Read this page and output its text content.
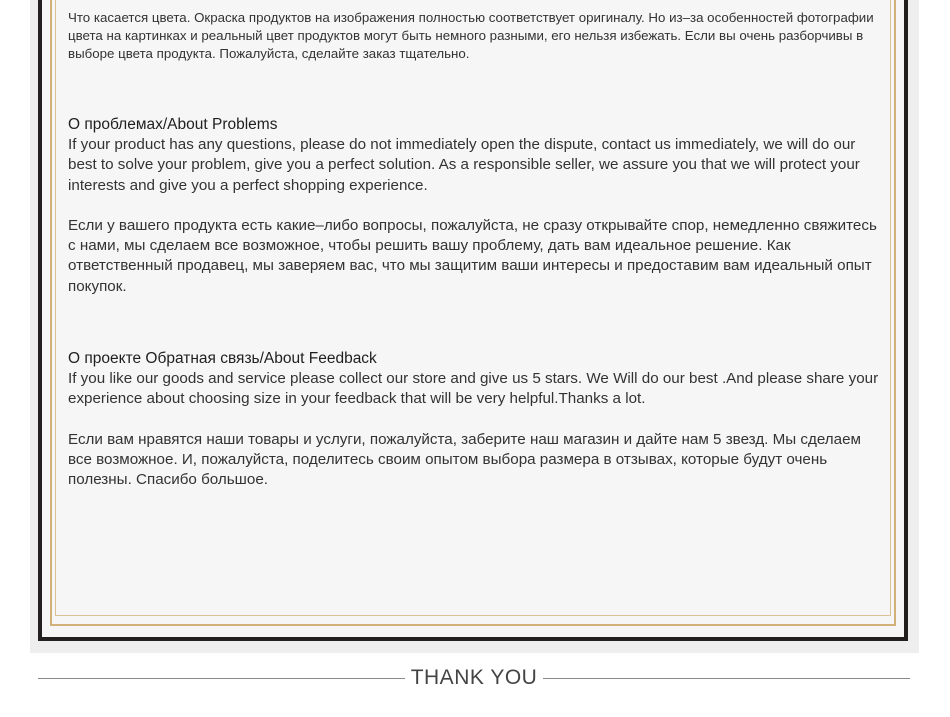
Что касается цвета. Окраска продуктов на изображения полностью соответствует оригиналу. Но из–за особенностей фотографии цвета на картинках и реальный цвет продуктов могут быть немного разными, его нельзя избежать. Если вы очень разборчивы в выборе цвета продукта. Пожалуйста, сделайте заказ тщательно.

О проблемах/About Problems

If your product has any questions, please do not immediately open the dispute, contact us immediately, we will do our best to solve your problem, give you a perfect solution. As a responsible seller, we assure you that we will protect your interests and give you a perfect shopping experience.

Если у вашего продукта есть какие–либо вопросы, пожалуйста, не сразу открывайте спор, немедленно свяжитесь с нами, мы сделаем все возможное, чтобы решить вашу проблему, дать вам идеальное решение. Как ответственный продавец, мы заверяем вас, что мы защитим ваши интересы и предоставим вам идеальный опыт покупок.

О проекте Обратная связь/About Feedback

If you like our goods and service please collect our store and give us 5 stars. We Will do our best .And please share your experience about choosing size in your feedback that will be very helpful.Thanks a lot.

Если вам нравятся наши товары и услуги, пожалуйста, заберите наш магазин и дайте нам 5 звезд. Мы сделаем все возможное. И, пожалуйста, поделитесь своим опытом выбора размера в отзывах, которые будут очень полезны. Спасибо большое.

THANK YOU
